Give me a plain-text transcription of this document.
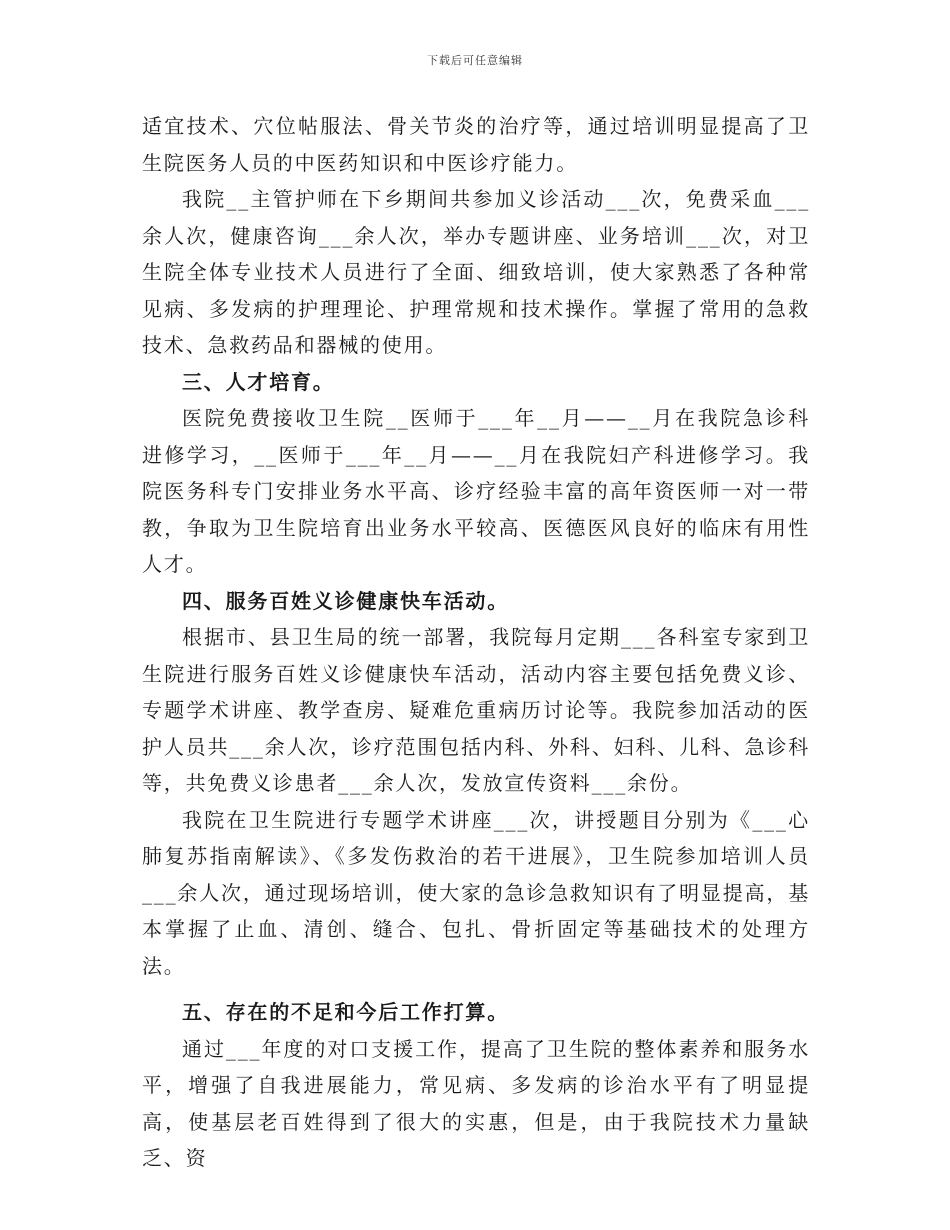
下载后可任意编辑

适宜技术、穴位帖服法、骨关节炎的治疗等，通过培训明显提高了卫生院医务人员的中医药知识和中医诊疗能力。

我院__主管护师在下乡期间共参加义诊活动___次，免费采血___余人次，健康咨询___余人次，举办专题讲座、业务培训___次，对卫生院全体专业技术人员进行了全面、细致培训，使大家熟悉了各种常见病、多发病的护理理论、护理常规和技术操作。掌握了常用的急救技术、急救药品和器械的使用。

三、人才培育。

医院免费接收卫生院__医师于___年__月——__月在我院急诊科进修学习，__医师于___年__月——__月在我院妇产科进修学习。我院医务科专门安排业务水平高、诊疗经验丰富的高年资医师一对一带教，争取为卫生院培育出业务水平较高、医德医风良好的临床有用性人才。

四、服务百姓义诊健康快车活动。

根据市、县卫生局的统一部署，我院每月定期___各科室专家到卫生院进行服务百姓义诊健康快车活动，活动内容主要包括免费义诊、专题学术讲座、教学查房、疑难危重病历讨论等。我院参加活动的医护人员共___余人次，诊疗范围包括内科、外科、妇科、儿科、急诊科等，共免费义诊患者___余人次，发放宣传资料___余份。

我院在卫生院进行专题学术讲座___次，讲授题目分别为《___心肺复苏指南解读》、《多发伤救治的若干进展》，卫生院参加培训人员___余人次，通过现场培训，使大家的急诊急救知识有了明显提高，基本掌握了止血、清创、缝合、包扎、骨折固定等基础技术的处理方法。

五、存在的不足和今后工作打算。

通过___年度的对口支援工作，提高了卫生院的整体素养和服务水平，增强了自我进展能力，常见病、多发病的诊治水平有了明显提高，使基层老百姓得到了很大的实惠，但是，由于我院技术力量缺乏、资
